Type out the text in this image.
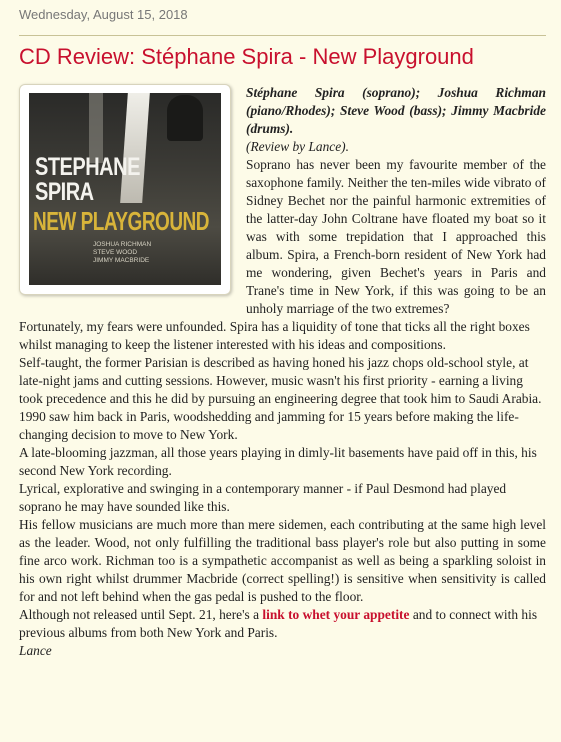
Wednesday, August 15, 2018
CD Review: Stéphane Spira - New Playground

STEPHANE
SPIRA

NEW PLAYGROUND

JOSHUA RICHMAN
STEVE WOOD
JIMMY MACBRIDE

Stéphane Spira (soprano); Joshua Richman (piano/Rhodes); Steve Wood (bass); Jimmy Macbride (drums).

(Review by Lance).

Soprano has never been my favourite member of the saxophone family. Neither the ten-miles wide vibrato of Sidney Bechet nor the painful harmonic extremities of the latter-day John Coltrane have floated my boat so it was with some trepidation that I approached this album. Spira, a French-born resident of New York had me wondering, given Bechet's years in Paris and Trane's time in New York, if this was going to be an unholy marriage of the two extremes?

Fortunately, my fears were unfounded. Spira has a liquidity of tone that ticks all the right boxes whilst managing to keep the listener interested with his ideas and compositions.

Self-taught, the former Parisian is described as having honed his jazz chops old-school style, at late-night jams and cutting sessions. However, music wasn't his first priority - earning a living took precedence and this he did by pursuing an engineering degree that took him to Saudi Arabia.

1990 saw him back in Paris, woodshedding and jamming for 15 years before making the life-changing decision to move to New York.

A late-blooming jazzman, all those years playing in dimly-lit basements have paid off in this, his second New York recording.

Lyrical, explorative and swinging in a contemporary manner - if Paul Desmond had played soprano he may have sounded like this.

His fellow musicians are much more than mere sidemen, each contributing at the same high level as the leader. Wood, not only fulfilling the traditional bass player's role but also putting in some fine arco work. Richman too is a sympathetic accompanist as well as being a sparkling soloist in his own right whilst drummer Macbride (correct spelling!) is sensitive when sensitivity is called for and not left behind when the gas pedal is pushed to the floor.

Although not released until Sept. 21, here's a link to whet your appetite and to connect with his previous albums from both New York and Paris.

Lance
